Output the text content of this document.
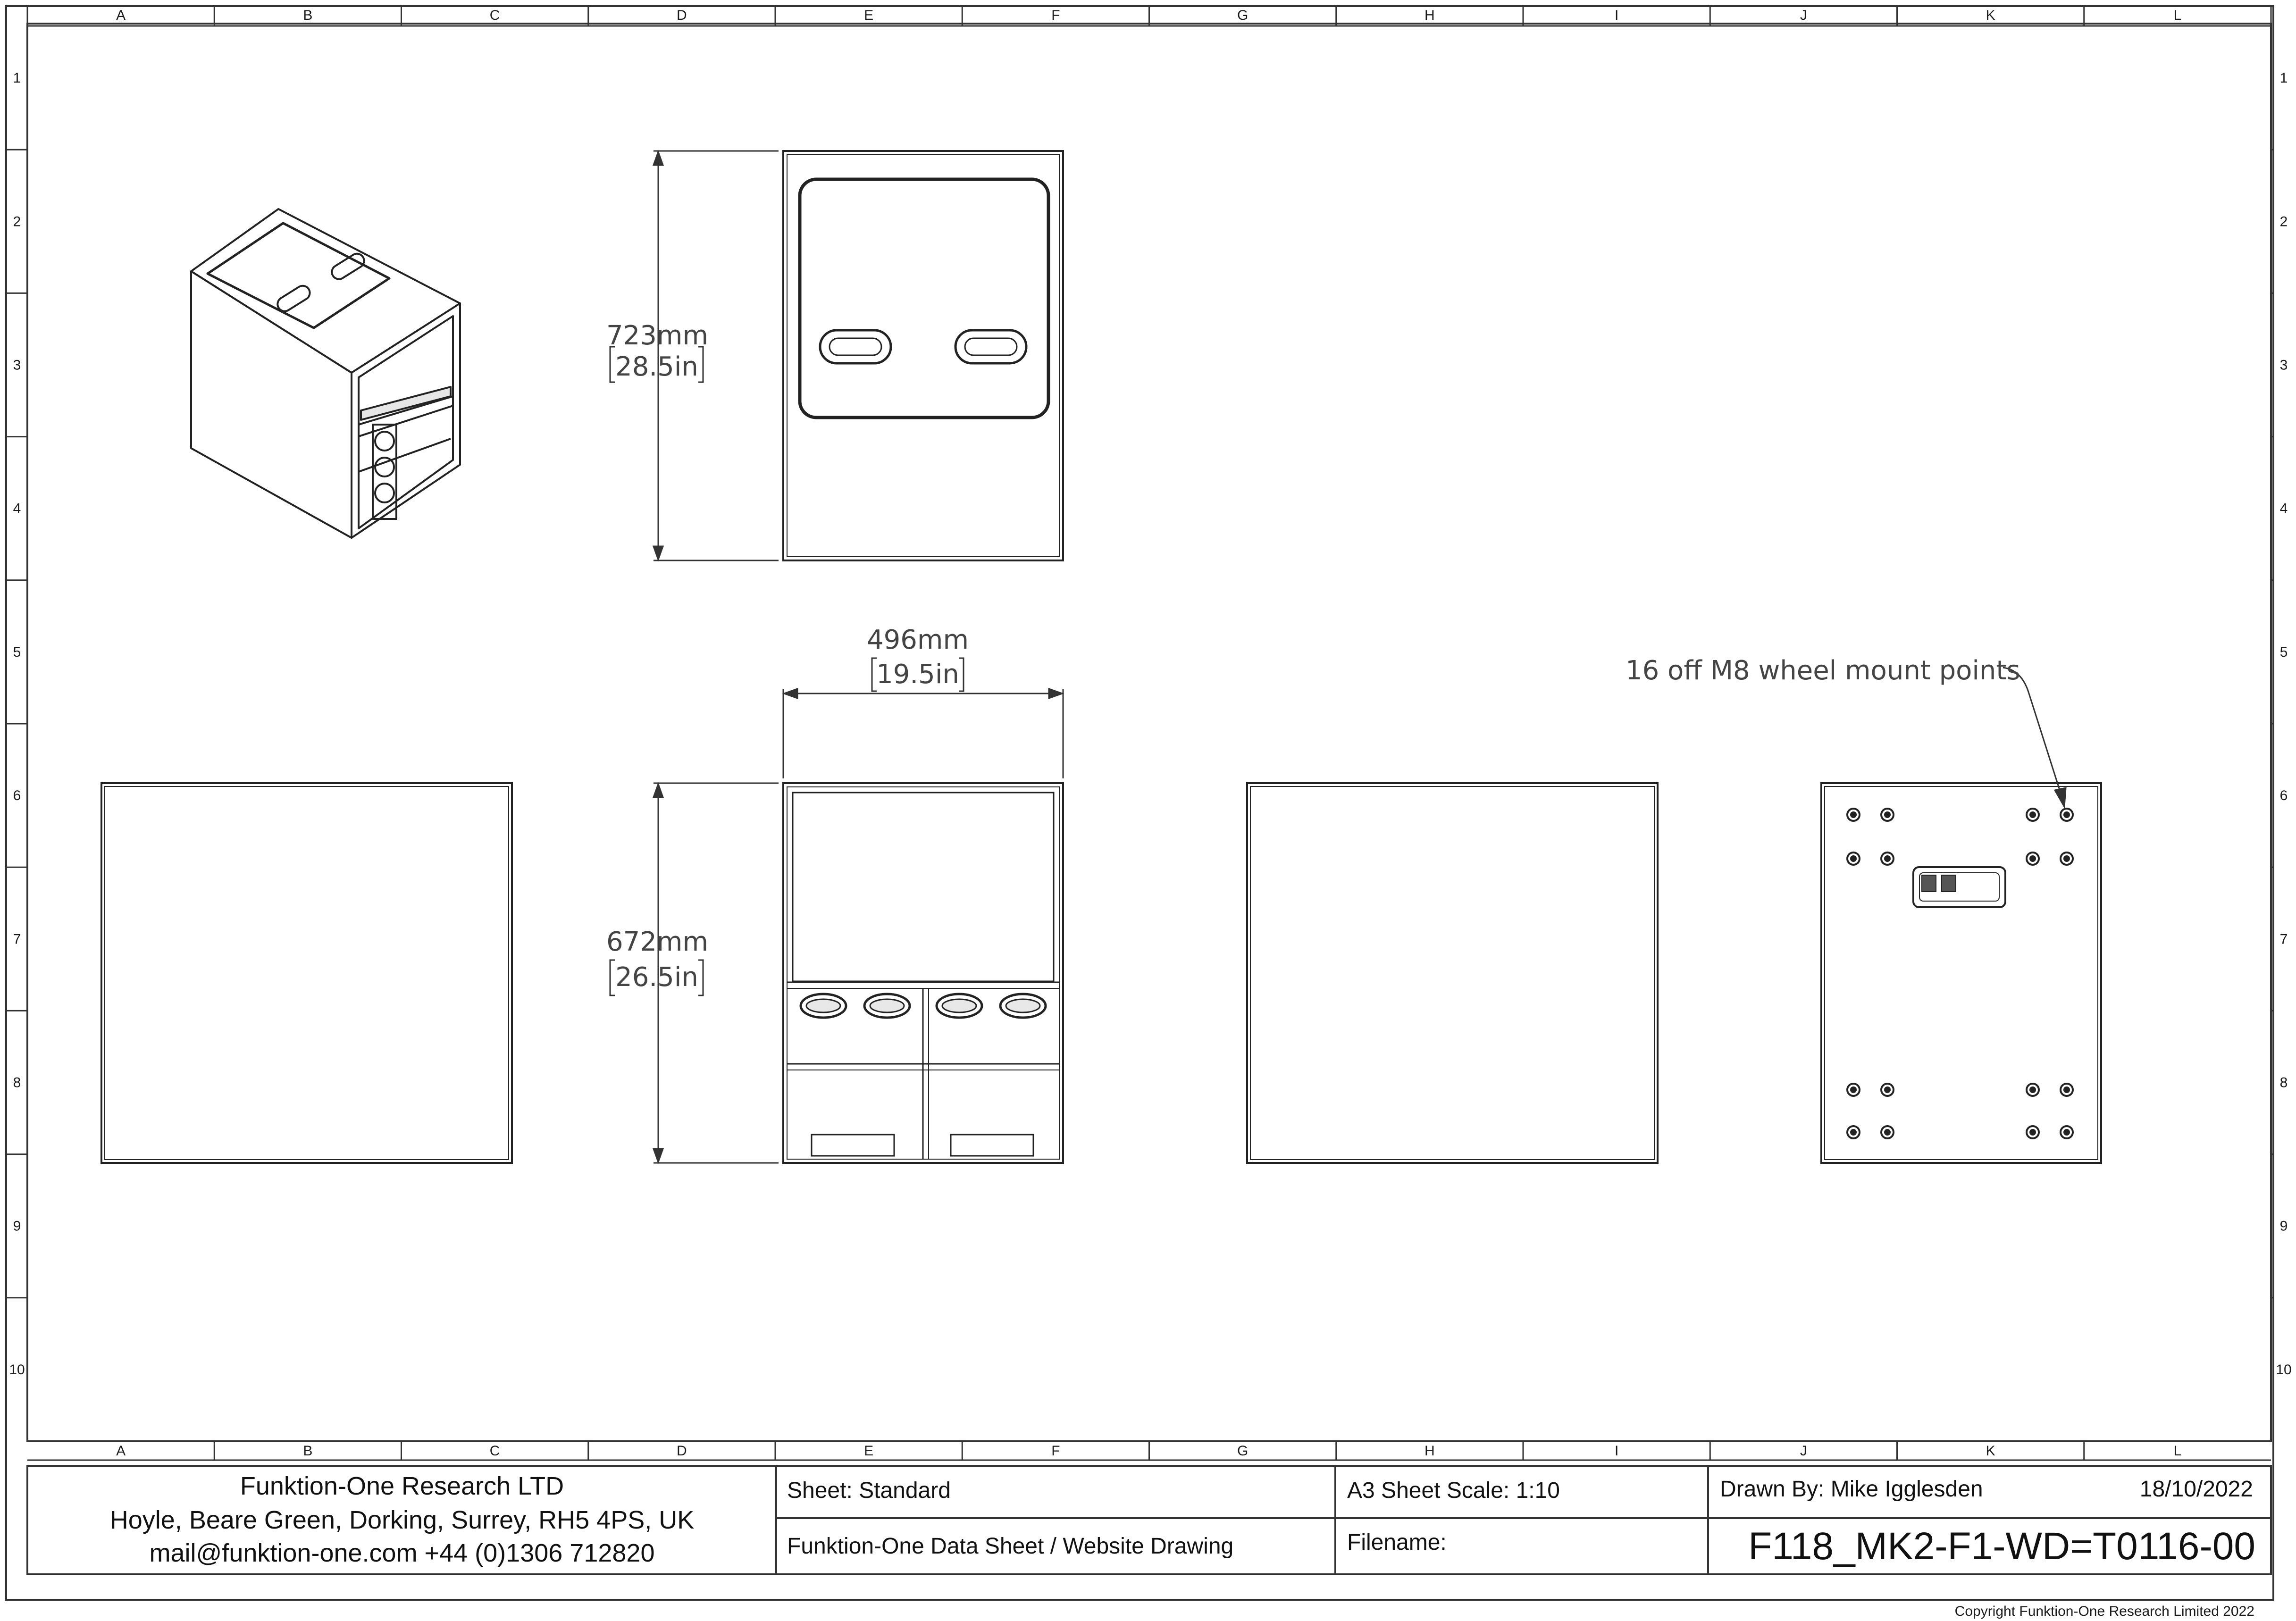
A
A
B
B
C
C
D
D
E
E
F
F
G
G
H
H
I
I
J
J
K
K
L
L
1	1
2	2
3	3
4	4
5	5
6	6
7	7
8	8
9	9
10	10
723mm
28.5in
496mm
19.5in
672mm
26.5in
16 off M8 wheel mount points
Funktion-One Research LTD
Hoyle, Beare Green, Dorking, Surrey, RH5 4PS, UK
mail@funktion-one.com +44 (0)1306 712820
Sheet: Standard
Funktion-One Data Sheet / Website Drawing
A3 Sheet Scale: 1:10
Filename:
Drawn By: Mike Igglesden	18/10/2022
F118_MK2-F1-WD=T0116-00
Copyright Funktion-One Research Limited 2022
